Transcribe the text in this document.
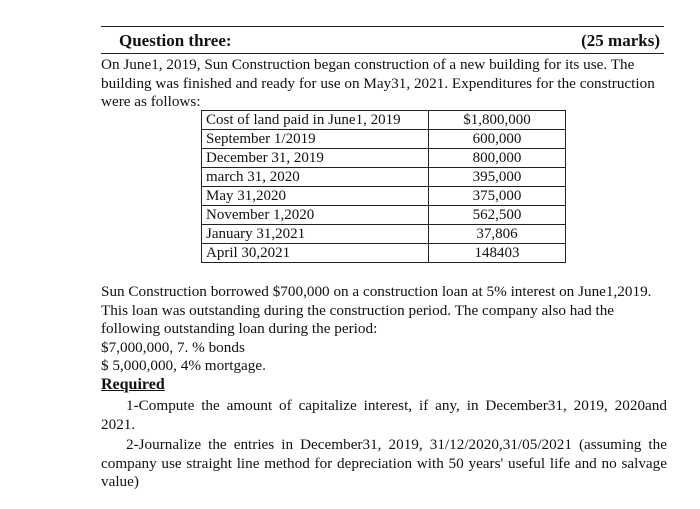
Question three:	(25 marks)

On June1, 2019, Sun Construction began construction of a new building for its use. The building was finished and ready for use on May31, 2021. Expenditures for the construction were as follows:

Cost of land paid in June1, 2019	$1,800,000
September 1/2019	600,000
December 31, 2019	800,000
march 31, 2020	395,000
May 31,2020	375,000
November 1,2020	562,500
January 31,2021	37,806
April 30,2021	148403
Sun Construction borrowed $700,000 on a construction loan at 5% interest on June1,2019. This loan was outstanding during the construction period. The company also had the following outstanding loan during the period:
$7,000,000, 7. % bonds
$ 5,000,000, 4% mortgage.
Required

1-Compute the amount of capitalize interest, if any, in December31, 2019, 2020and 2021.

2-Journalize the entries in December31, 2019, 31/12/2020,31/05/2021 (assuming the company use straight line method for depreciation with 50 years' useful life and no salvage value)
